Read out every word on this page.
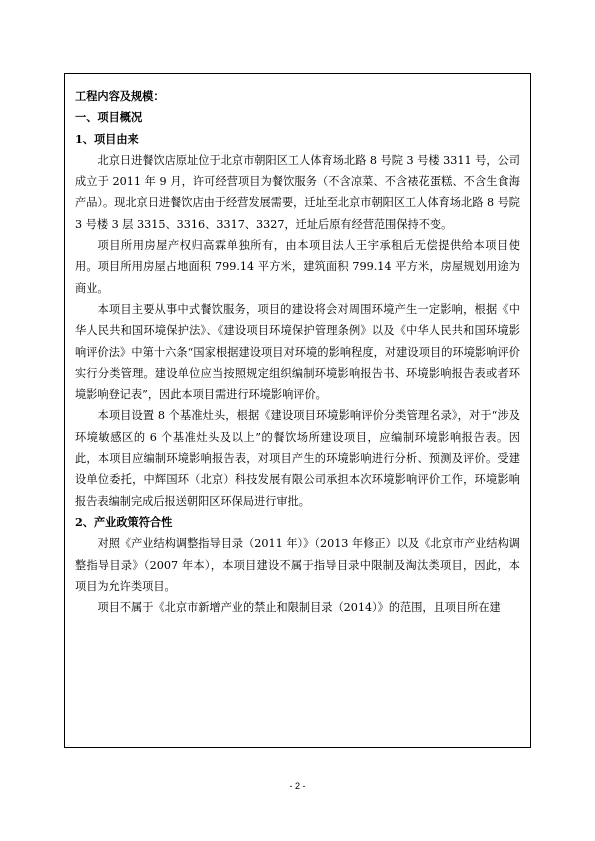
工程内容及规模：

一、项目概况

1、项目由来

北京日进餐饮店原址位于北京市朝阳区工人体育场北路 8 号院 3 号楼 3311 号，公司成立于 2011 年 9 月，许可经营项目为餐饮服务（不含凉菜、不含裱花蛋糕、不含生食海产品）。现北京日进餐饮店由于经营发展需要，迁址至北京市朝阳区工人体育场北路 8 号院 3 号楼 3 层 3315、3316、3317、3327，迁址后原有经营范围保持不变。

项目所用房屋产权归高霖单独所有，由本项目法人王宇承租后无偿提供给本项目使用。项目所用房屋占地面积 799.14 平方米，建筑面积 799.14 平方米，房屋规划用途为商业。

本项目主要从事中式餐饮服务，项目的建设将会对周围环境产生一定影响，根据《中华人民共和国环境保护法》、《建设项目环境保护管理条例》以及《中华人民共和国环境影响评价法》中第十六条“国家根据建设项目对环境的影响程度，对建设项目的环境影响评价实行分类管理。建设单位应当按照规定组织编制环境影响报告书、环境影响报告表或者环境影响登记表”，因此本项目需进行环境影响评价。

本项目设置 8 个基准灶头，根据《建设项目环境影响评价分类管理名录》，对于“涉及环境敏感区的 6 个基准灶头及以上”的餐饮场所建设项目，应编制环境影响报告表。因此，本项目应编制环境影响报告表，对项目产生的环境影响进行分析、预测及评价。受建设单位委托，中辉国环（北京）科技发展有限公司承担本次环境影响评价工作，环境影响报告表编制完成后报送朝阳区环保局进行审批。

2、产业政策符合性

对照《产业结构调整指导目录（2011 年）》（2013 年修正）以及《北京市产业结构调整指导目录》（2007 年本），本项目建设不属于指导目录中限制及淘汰类项目，因此，本项目为允许类项目。

项目不属于《北京市新增产业的禁止和限制目录（2014）》的范围，且项目所在建

- 2 -
